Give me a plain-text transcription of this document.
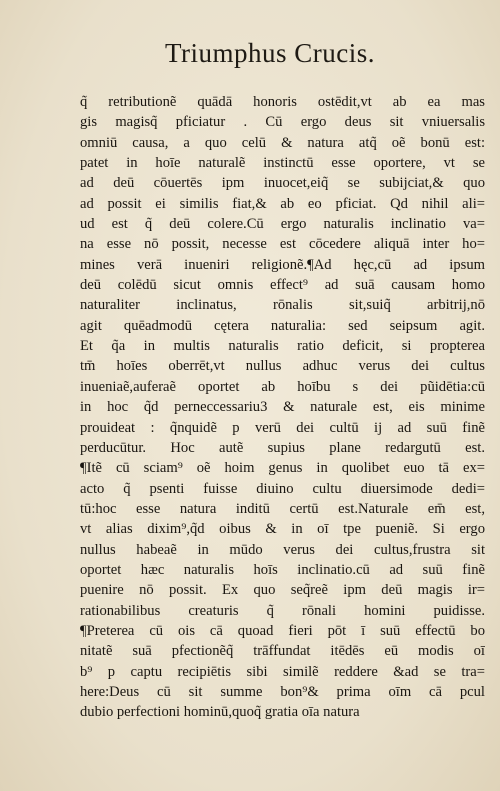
Triumphus Crucis.
q̃ retributionẽ quādā honoris ostēdit,vt ab ea mas
gis magisq̃ pficiatur . Cū ergo deus sit vniuersalis
omniū causa, a quo celū & natura atq̃ oẽ bonū est:
patet in hoīe naturalẽ instinctū esse oportere, vt se
ad deū cōuertēs ipm inuocet,eiq̃ se subijciat,& quo
ad possit ei similis fiat,& ab eo pficiat. Qd nihil ali=
ud est q̃ deū colere.Cū ergo naturalis inclinatio va=
na esse nō possit, necesse est cōcedere aliquā inter ho=
mines verā inueniri religionẽ.¶Ad hęc,cū ad ipsum
deū colēdū sicut omnis effect⁹ ad suā causam homo
naturaliter inclinatus, rōnalis sit,suiq̃ arbitrij,nō
agit quēadmodū cętera naturalia: sed seipsum agit.
Et q̃a in multis naturalis ratio deficit, si propterea
tm̄ hoīes oberrēt,vt nullus adhuc verus dei cultus
inueniaẽ,auferaẽ oportet ab hoību s dei pũidētia:cū
in hoc q̃d perneccessariu3 & naturale est, eis minime
prouideat : q̃nquidẽ p verū dei cultū ij ad suū finẽ
perducūtur. Hoc autẽ supius plane redargutū est.
¶Itẽ cū sciam⁹ oẽ hoim genus in quolibet euo tā ex=
acto q̃ psenti fuisse diuino cultu diuersimode dedi=
tū:hoc esse natura inditū certū est.Naturale em̄ est,
vt alias dixim⁹,q̃d oibus & in oī tpe pueniẽ. Si ergo
nullus habeaẽ in mūdo verus dei cultus,frustra sit
oportet hæc naturalis hoīs inclinatio.cū ad suū finẽ
puenire nō possit. Ex quo seq̃reẽ ipm deū magis ir=
rationabilibus creaturis q̃ rōnali homini puidisse.
¶Preterea cū ois cā quoad fieri pōt ī suū effectū bo
nitatẽ suā pfectionẽq̃ trāffundat itēdēs eū modis oī
b⁹ p captu recipiētis sibi similẽ reddere &ad se tra=
here:Deus cū sit summe bon⁹& prima oīm cā pcul
dubio perfectioni hominū,quoq̃ gratia oīa natura
